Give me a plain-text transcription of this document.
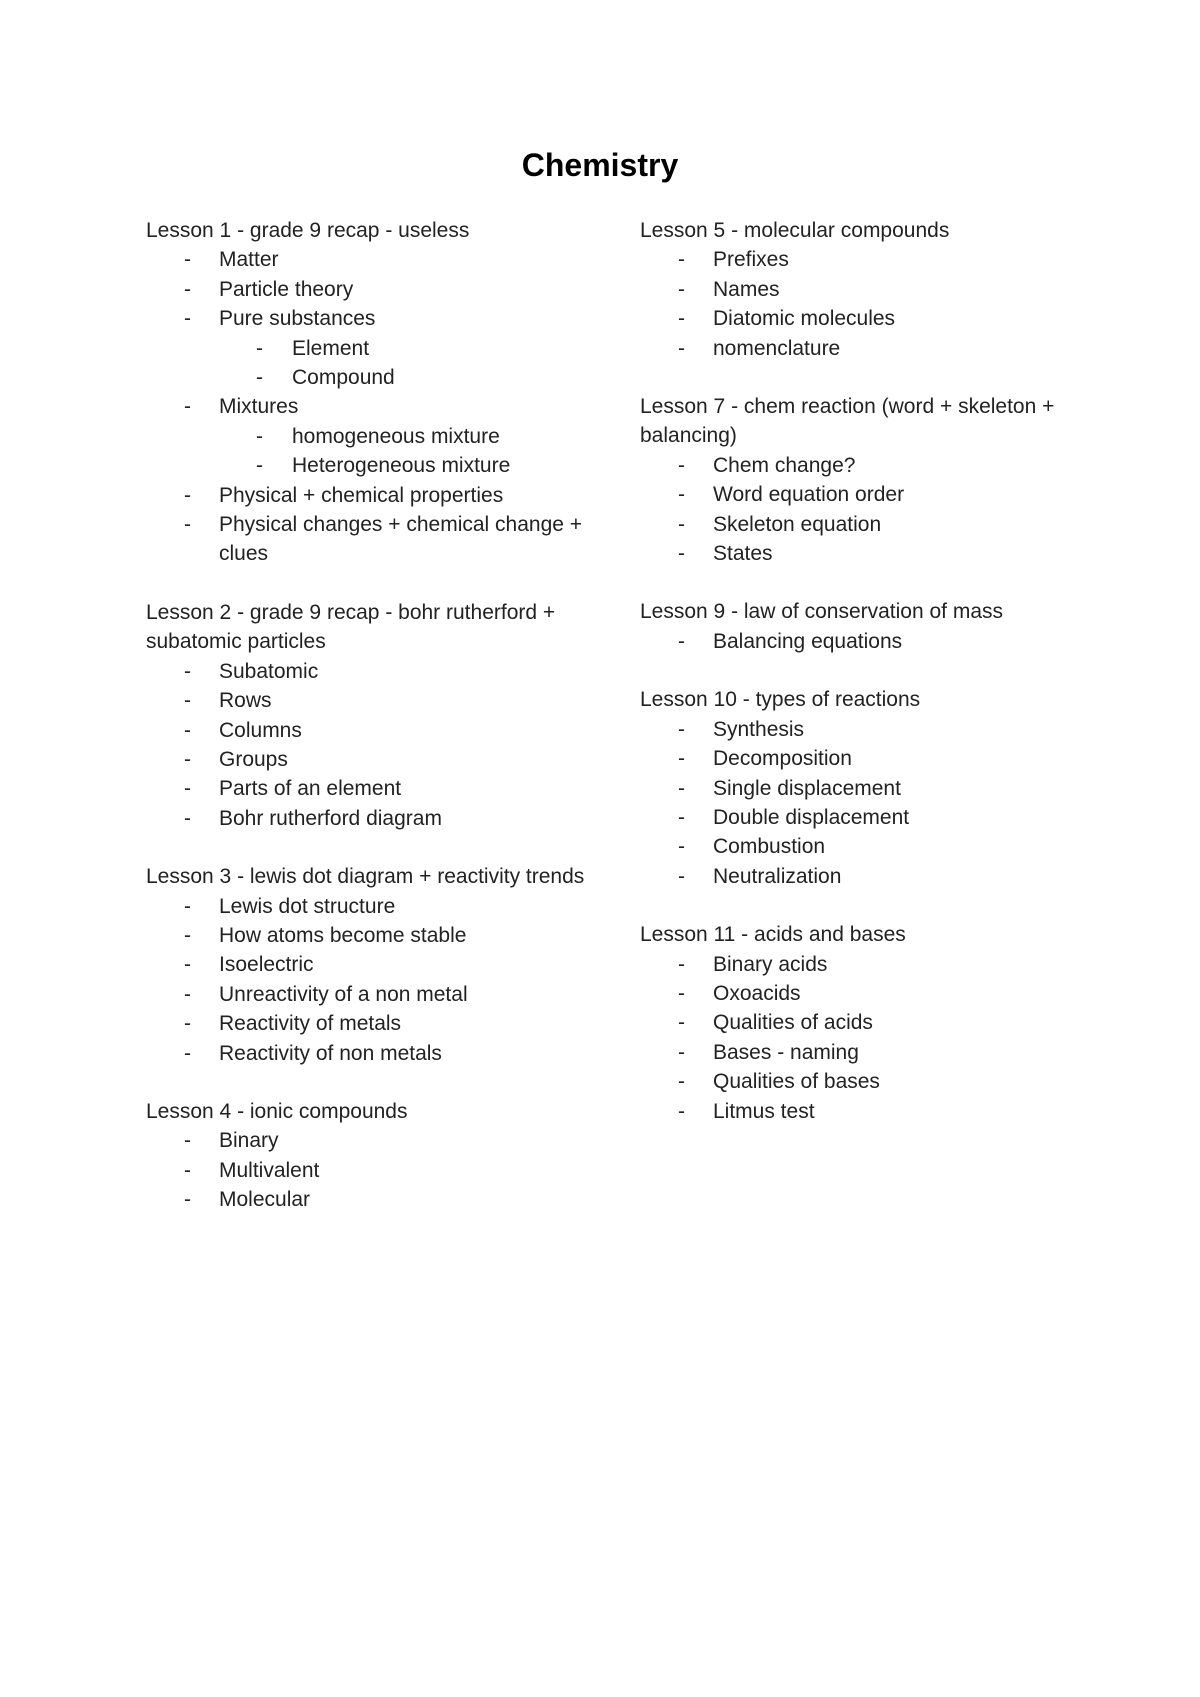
Chemistry
Lesson 1 - grade 9 recap - useless
- Matter
- Particle theory
- Pure substances
- Element
- Compound
- Mixtures
- homogeneous mixture
- Heterogeneous mixture
- Physical + chemical properties
- Physical changes + chemical change + clues
Lesson 2 - grade 9 recap - bohr rutherford + subatomic particles
- Subatomic
- Rows
- Columns
- Groups
- Parts of an element
- Bohr rutherford diagram
Lesson 3 - lewis dot diagram + reactivity trends
- Lewis dot structure
- How atoms become stable
- Isoelectric
- Unreactivity of a non metal
- Reactivity of metals
- Reactivity of non metals
Lesson 4 - ionic compounds
- Binary
- Multivalent
- Molecular
Lesson 5 - molecular compounds
- Prefixes
- Names
- Diatomic molecules
- nomenclature
Lesson 7 - chem reaction (word + skeleton + balancing)
- Chem change?
- Word equation order
- Skeleton equation
- States
Lesson 9 - law of conservation of mass
- Balancing equations
Lesson 10 - types of reactions
- Synthesis
- Decomposition
- Single displacement
- Double displacement
- Combustion
- Neutralization
Lesson 11 - acids and bases
- Binary acids
- Oxoacids
- Qualities of acids
- Bases - naming
- Qualities of bases
- Litmus test
